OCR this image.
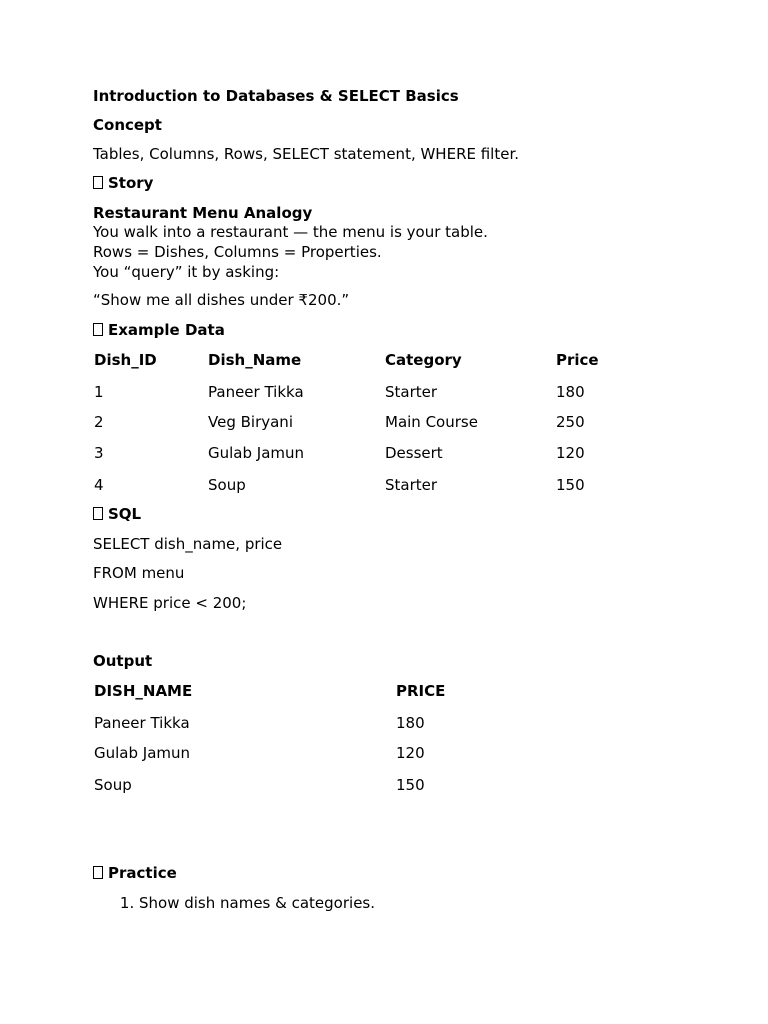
Introduction to Databases & SELECT Basics
Concept
Tables, Columns, Rows, SELECT statement, WHERE filter.
Story
Restaurant Menu Analogy
You walk into a restaurant — the menu is your table.
Rows = Dishes, Columns = Properties.
You “query” it by asking:
“Show me all dishes under ₹200.”
Example Data
Dish_ID	Dish_Name	Category	Price
1	Paneer Tikka	Starter	180
2	Veg Biryani	Main Course	250
3	Gulab Jamun	Dessert	120
4	Soup	Starter	150
SQL
SELECT dish_name, price
FROM menu
WHERE price < 200;
Output
DISH_NAME	PRICE
Paneer Tikka	180
Gulab Jamun	120
Soup	150
Practice
1. Show dish names & categories.
